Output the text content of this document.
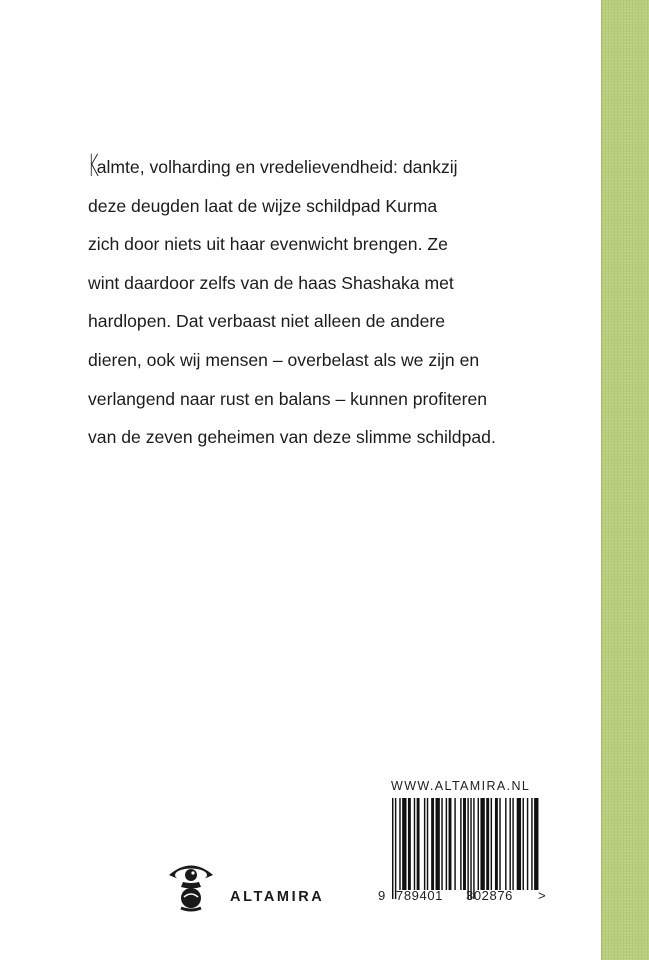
Kalmte, volharding en vredelievendheid: dankzij
deze deugden laat de wijze schildpad Kurma
zich door niets uit haar evenwicht brengen. Ze
wint daardoor zelfs van de haas Shashaka met
hardlopen. Dat verbaast niet alleen de andere
dieren, ook wij mensen – overbelast als we zijn en
verlangend naar rust en balans – kunnen profiteren
van de zeven geheimen van deze slimme schildpad.
WWW.ALTAMIRA.NL
9 789401 302876 >
ALTAMIRA
